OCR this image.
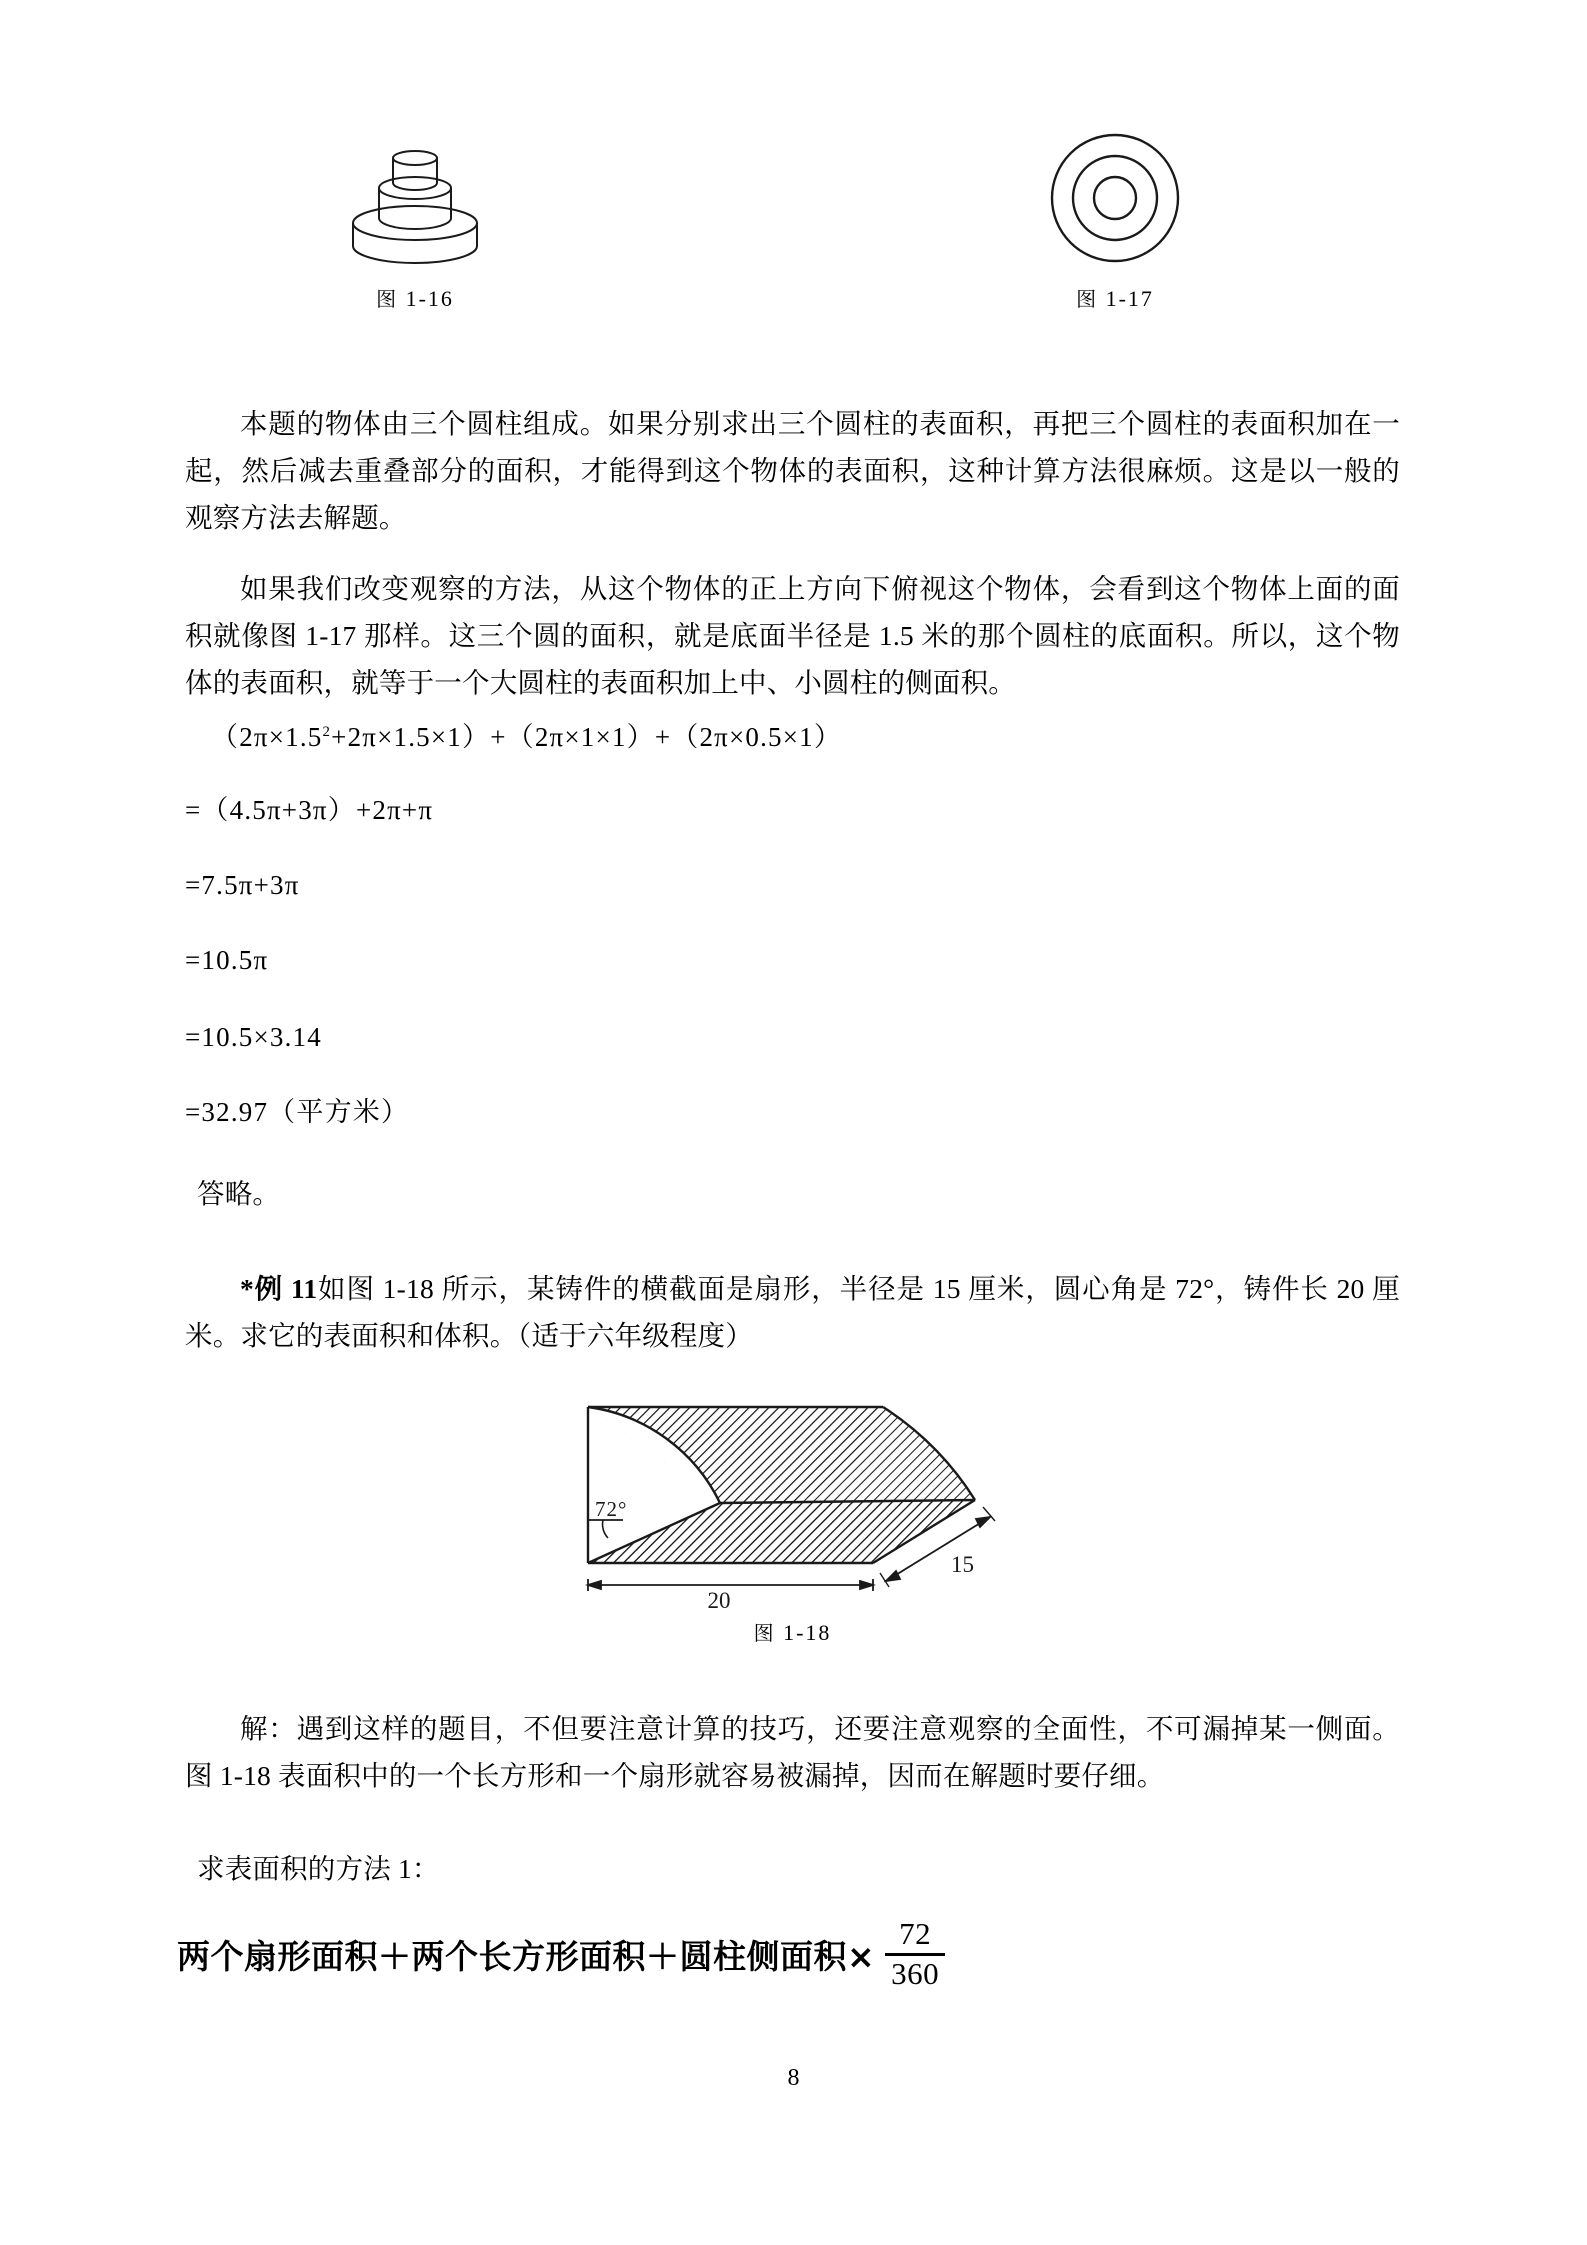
图 1-16	图 1-17

本题的物体由三个圆柱组成。如果分别求出三个圆柱的表面积，再把三个圆柱的表面积加在一起，然后减去重叠部分的面积，才能得到这个物体的表面积，这种计算方法很麻烦。这是以一般的观察方法去解题。

如果我们改变观察的方法，从这个物体的正上方向下俯视这个物体，会看到这个物体上面的面积就像图 1-17 那样。这三个圆的面积，就是底面半径是 1.5 米的那个圆柱的底面积。所以，这个物体的表面积，就等于一个大圆柱的表面积加上中、小圆柱的侧面积。

$(2\pi\times 1.5^2+2\pi\times 1.5\times 1)+(2\pi\times 1\times 1)+(2\pi\times 0.5\times 1)$

=（4.5π+3π）+2π+π

=7.5π+3π

=10.5π

=10.5×3.14

=32.97（平方米）

答略。

*例 11如图 1-18 所示，某铸件的横截面是扇形，半径是 15 厘米，圆心角是 72°，铸件长 20 厘米。求它的表面积和体积。（适于六年级程度）

72°
20
15
图 1-18

解：遇到这样的题目，不但要注意计算的技巧，还要注意观察的全面性，不可漏掉某一侧面。图 1-18 表面积中的一个长方形和一个扇形就容易被漏掉，因而在解题时要仔细。

求表面积的方法 1：

两个扇形面积＋两个长方形面积＋圆柱侧面积× $\frac{72}{360}$
8
